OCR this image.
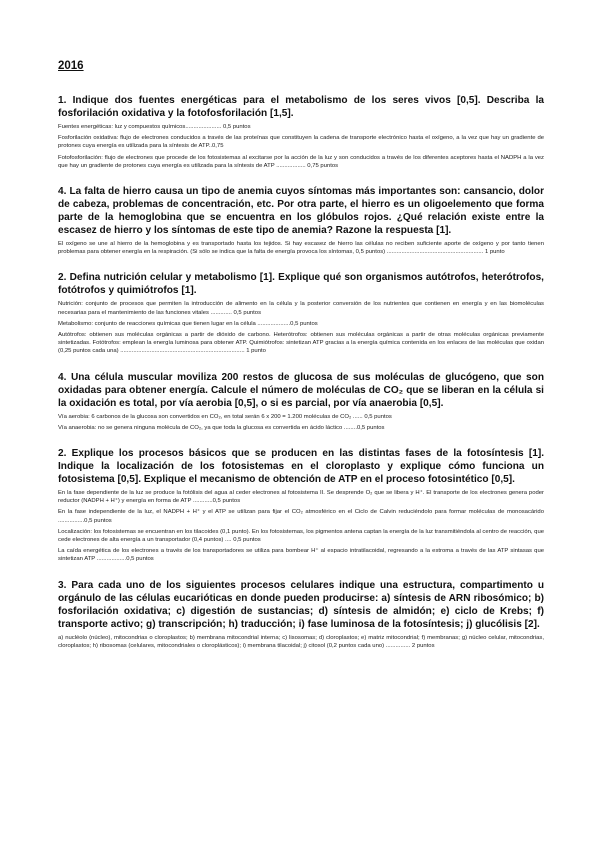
2016
1. Indique dos fuentes energéticas para el metabolismo de los seres vivos [0,5]. Describa la fosforilación oxidativa y la fotofosforilación [1,5].
Fuentes energéticas: luz y compuestos químicos...................... 0,5 puntos
Fosforilación oxidativa: flujo de electrones conducidos a través de las proteínas que constituyen la cadena de transporte electrónico hasta el oxígeno, a la vez que hay un gradiente de protones cuya energía es utilizada para la síntesis de ATP..0,75
Fotofosforilación: flujo de electrones que procede de los fotosistemas al excitarse por la acción de la luz y son conducidos a través de los diferentes aceptores hasta el NADPH a la vez que hay un gradiente de protones cuya energía es utilizada para la síntesis de ATP .................. 0,75 puntos
4. La falta de hierro causa un tipo de anemia cuyos síntomas más importantes son: cansancio, dolor de cabeza, problemas de concentración, etc. Por otra parte, el hierro es un oligoelemento que forma parte de la hemoglobina que se encuentra en los glóbulos rojos. ¿Qué relación existe entre la escasez de hierro y los síntomas de este tipo de anemia? Razone la respuesta [1].
El oxígeno se une al hierro de la hemoglobina y es transportado hasta los tejidos. Si hay escasez de hierro las células no reciben suficiente aporte de oxígeno y por tanto tienen problemas para obtener energía en la respiración. (Si sólo se indica que la falta de energía provoca los síntomas, 0,5 puntos) ........................................................... 1 punto
2. Defina nutrición celular y metabolismo [1]. Explique qué son organismos autótrofos, heterótrofos, fotótrofos y quimiótrofos [1].
Nutrición: conjunto de procesos que permiten la introducción de alimento en la célula y la posterior conversión de los nutrientes que contienen en energía y en las biomoléculas necesarias para el mantenimiento de las funciones vitales ............. 0,5 puntos
Metabolismo: conjunto de reacciones químicas que tienen lugar en la célula ....................0,5 puntos
Autótrofos: obtienen sus moléculas orgánicas a partir de dióxido de carbono. Heterótrofos: obtienen sus moléculas orgánicas a partir de otras moléculas orgánicas previamente sintetizadas. Fotótrofos: emplean la energía luminosa para obtener ATP. Quimiótrofos: sintetizan ATP gracias a la energía química contenida en los enlaces de las moléculas que oxidan (0,25 puntos cada una) ............................................................................ 1 punto
4. Una célula muscular moviliza 200 restos de glucosa de sus moléculas de glucógeno, que son oxidadas para obtener energía. Calcule el número de moléculas de CO₂ que se liberan en la célula si la oxidación es total, por vía aerobia [0,5], o si es parcial, por vía anaerobia [0,5].
Vía aerobia: 6 carbonos de la glucosa son convertidos en CO₂, en total serán 6 x 200 = 1.200 moléculas de CO₂ ...... 0,5 puntos
Vía anaerobia: no se genera ninguna molécula de CO₂, ya que toda la glucosa es convertida en ácido láctico ........0,5 puntos
2. Explique los procesos básicos que se producen en las distintas fases de la fotosíntesis [1]. Indique la localización de los fotosistemas en el cloroplasto y explique cómo funciona un fotosistema [0,5]. Explique el mecanismo de obtención de ATP en el proceso fotosintético [0,5].
En la fase dependiente de la luz se produce la fotólisis del agua al ceder electrones al fotosistema II. Se desprende O₂ que se libera y H⁺. El transporte de los electrones genera poder reductor (NADPH + H⁺) y energía en forma de ATP ............0,5 puntos
En la fase independiente de la luz, el NADPH + H⁺ y el ATP se utilizan para fijar el CO₂ atmosférico en el Ciclo de Calvin reduciéndolo para formar moléculas de monosacárido ................0,5 puntos
Localización: los fotosistemas se encuentran en los tilacoides (0,1 punto). En los fotosistemas, los pigmentos antena captan la energía de la luz transmitiéndola al centro de reacción, que cede electrones de alta energía a un transportador (0,4 puntos) .... 0,5 puntos
La caída energética de los electrones a través de los transportadores se utiliza para bombear H⁺ al espacio intratilacoidal, regresando a la estroma a través de las ATP sintasas que sintetizan ATP ..................0,5 puntos
3. Para cada uno de los siguientes procesos celulares indique una estructura, compartimento u orgánulo de las células eucarióticas en donde pueden producirse: a) síntesis de ARN ribosómico; b) fosforilación oxidativa; c) digestión de sustancias; d) síntesis de almidón; e) ciclo de Krebs; f) transporte activo; g) transcripción; h) traducción; i) fase luminosa de la fotosíntesis; j) glucólisis [2].
a) nucléolo (núcleo), mitocondrias o cloroplastos; b) membrana mitocondrial interna; c) lisosomas; d) cloroplastos; e) matriz mitocondrial; f) membranas; g) núcleo celular, mitocondrias, cloroplastos; h) ribosomas (celulares, mitocondriales o cloroplásticos); i) membrana tilacoidal; j) citosol (0,2 puntos cada uno) ............... 2 puntos
